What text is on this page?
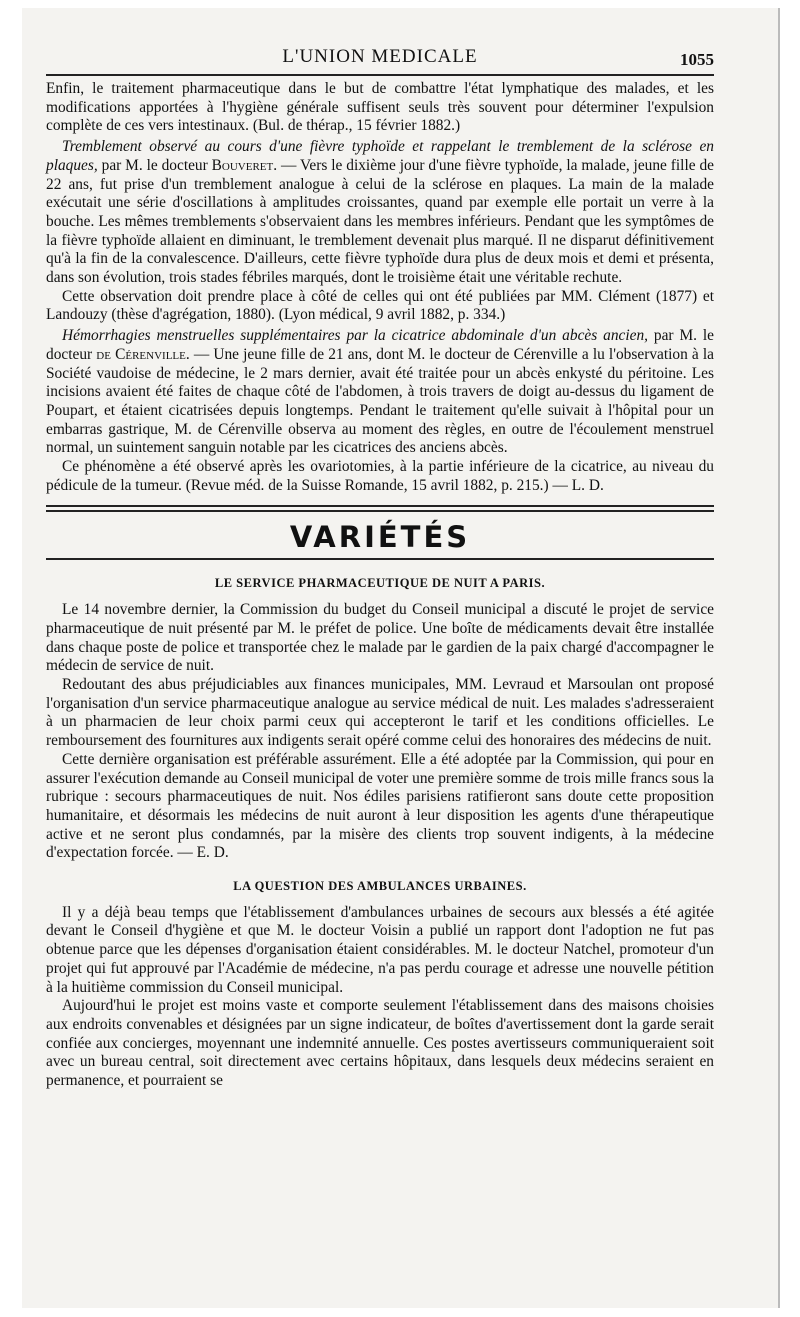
L'UNION MEDICALE	1055

Enfin, le traitement pharmaceutique dans le but de combattre l'état lymphatique des malades, et les modifications apportées à l'hygiène générale suffisent seuls très souvent pour déterminer l'expulsion complète de ces vers intestinaux. (Bul. de thérap., 15 février 1882.)

Tremblement observé au cours d'une fièvre typhoïde et rappelant le tremblement de la sclérose en plaques, par M. le docteur Bouveret. — Vers le dixième jour d'une fièvre typhoïde, la malade, jeune fille de 22 ans, fut prise d'un tremblement analogue à celui de la sclérose en plaques. La main de la malade exécutait une série d'oscillations à amplitudes croissantes, quand par exemple elle portait un verre à la bouche. Les mêmes tremblements s'observaient dans les membres inférieurs. Pendant que les symptômes de la fièvre typhoïde allaient en diminuant, le tremblement devenait plus marqué. Il ne disparut définitivement qu'à la fin de la convalescence. D'ailleurs, cette fièvre typhoïde dura plus de deux mois et demi et présenta, dans son évolution, trois stades fébriles marqués, dont le troisième était une véritable rechute.

Cette observation doit prendre place à côté de celles qui ont été publiées par MM. Clément (1877) et Landouzy (thèse d'agrégation, 1880). (Lyon médical, 9 avril 1882, p. 334.)

Hémorrhagies menstruelles supplémentaires par la cicatrice abdominale d'un abcès ancien, par M. le docteur de Cérenville. — Une jeune fille de 21 ans, dont M. le docteur de Cérenville a lu l'observation à la Société vaudoise de médecine, le 2 mars dernier, avait été traitée pour un abcès enkysté du péritoine. Les incisions avaient été faites de chaque côté de l'abdomen, à trois travers de doigt au-dessus du ligament de Poupart, et étaient cicatrisées depuis longtemps. Pendant le traitement qu'elle suivait à l'hôpital pour un embarras gastrique, M. de Cérenville observa au moment des règles, en outre de l'écoulement menstruel normal, un suintement sanguin notable par les cicatrices des anciens abcès.

Ce phénomène a été observé après les ovariotomies, à la partie inférieure de la cicatrice, au niveau du pédicule de la tumeur. (Revue méd. de la Suisse Romande, 15 avril 1882, p. 215.) — L. D.

VARIÉTÉS

LE SERVICE PHARMACEUTIQUE DE NUIT A PARIS.

Le 14 novembre dernier, la Commission du budget du Conseil municipal a discuté le projet de service pharmaceutique de nuit présenté par M. le préfet de police. Une boîte de médicaments devait être installée dans chaque poste de police et transportée chez le malade par le gardien de la paix chargé d'accompagner le médecin de service de nuit.

Redoutant des abus préjudiciables aux finances municipales, MM. Levraud et Marsoulan ont proposé l'organisation d'un service pharmaceutique analogue au service médical de nuit. Les malades s'adresseraient à un pharmacien de leur choix parmi ceux qui accepteront le tarif et les conditions officielles. Le remboursement des fournitures aux indigents serait opéré comme celui des honoraires des médecins de nuit.

Cette dernière organisation est préférable assurément. Elle a été adoptée par la Commission, qui pour en assurer l'exécution demande au Conseil municipal de voter une première somme de trois mille francs sous la rubrique : secours pharmaceutiques de nuit. Nos édiles parisiens ratifieront sans doute cette proposition humanitaire, et désormais les médecins de nuit auront à leur disposition les agents d'une thérapeutique active et ne seront plus condamnés, par la misère des clients trop souvent indigents, à la médecine d'expectation forcée. — E. D.

LA QUESTION DES AMBULANCES URBAINES.

Il y a déjà beau temps que l'établissement d'ambulances urbaines de secours aux blessés a été agitée devant le Conseil d'hygiène et que M. le docteur Voisin a publié un rapport dont l'adoption ne fut pas obtenue parce que les dépenses d'organisation étaient considérables. M. le docteur Natchel, promoteur d'un projet qui fut approuvé par l'Académie de médecine, n'a pas perdu courage et adresse une nouvelle pétition à la huitième commission du Conseil municipal.

Aujourd'hui le projet est moins vaste et comporte seulement l'établissement dans des maisons choisies aux endroits convenables et désignées par un signe indicateur, de boîtes d'avertissement dont la garde serait confiée aux concierges, moyennant une indemnité annuelle. Ces postes avertisseurs communiqueraient soit avec un bureau central, soit directement avec certains hôpitaux, dans lesquels deux médecins seraient en permanence, et pourraient se
